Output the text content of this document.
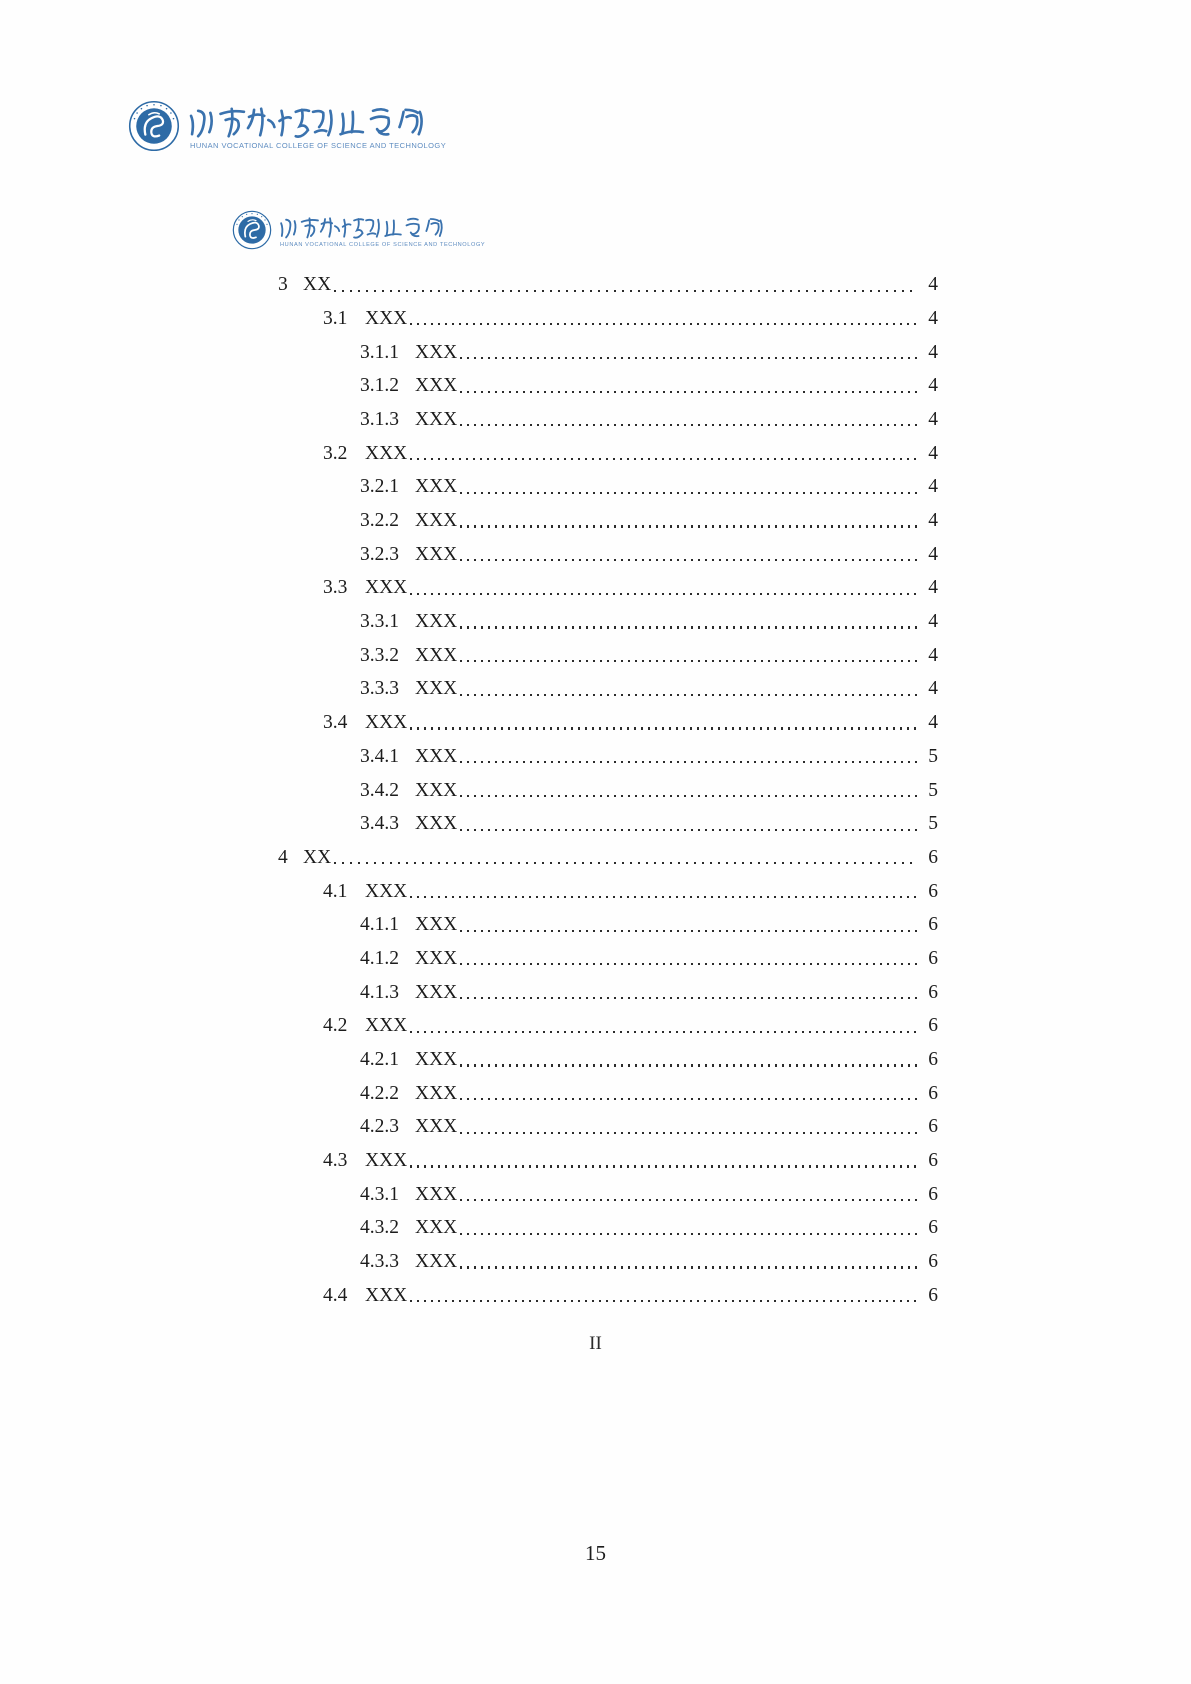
HUNAN VOCATIONAL COLLEGE OF SCIENCE AND TECHNOLOGY
HUNAN VOCATIONAL COLLEGE OF SCIENCE AND TECHNOLOGY
3 XX	4
3.1 XXX	4
3.1.1 XXX	4
3.1.2 XXX	4
3.1.3 XXX	4
3.2 XXX	4
3.2.1 XXX	4
3.2.2 XXX	4
3.2.3 XXX	4
3.3 XXX	4
3.3.1 XXX	4
3.3.2 XXX	4
3.3.3 XXX	4
3.4 XXX	4
3.4.1 XXX	5
3.4.2 XXX	5
3.4.3 XXX	5
4 XX	6
4.1 XXX	6
4.1.1 XXX	6
4.1.2 XXX	6
4.1.3 XXX	6
4.2 XXX	6
4.2.1 XXX	6
4.2.2 XXX	6
4.2.3 XXX	6
4.3 XXX	6
4.3.1 XXX	6
4.3.2 XXX	6
4.3.3 XXX	6
4.4 XXX	6
II
15
